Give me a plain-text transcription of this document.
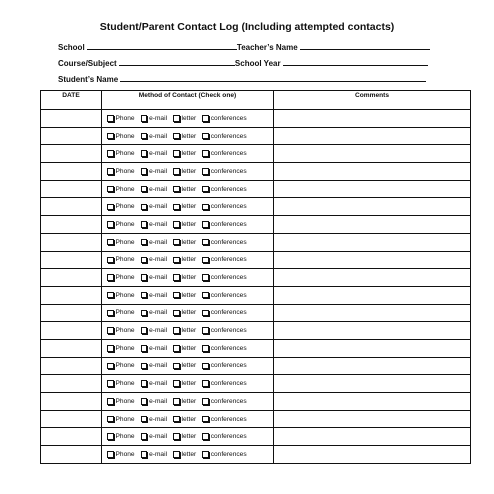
Student/Parent Contact Log (Including attempted contacts)
School	Teacher’s Name
Course/Subject	School Year
Student’s Name
DATE	Method of Contact (Check one)	Comments

	Phone e-mail letter conferences	

	Phone e-mail letter conferences	

	Phone e-mail letter conferences	

	Phone e-mail letter conferences	

	Phone e-mail letter conferences	

	Phone e-mail letter conferences	

	Phone e-mail letter conferences	

	Phone e-mail letter conferences	

	Phone e-mail letter conferences	

	Phone e-mail letter conferences	

	Phone e-mail letter conferences	

	Phone e-mail letter conferences	

	Phone e-mail letter conferences	

	Phone e-mail letter conferences	

	Phone e-mail letter conferences	

	Phone e-mail letter conferences	

	Phone e-mail letter conferences	

	Phone e-mail letter conferences	

	Phone e-mail letter conferences	

	Phone e-mail letter conferences	
